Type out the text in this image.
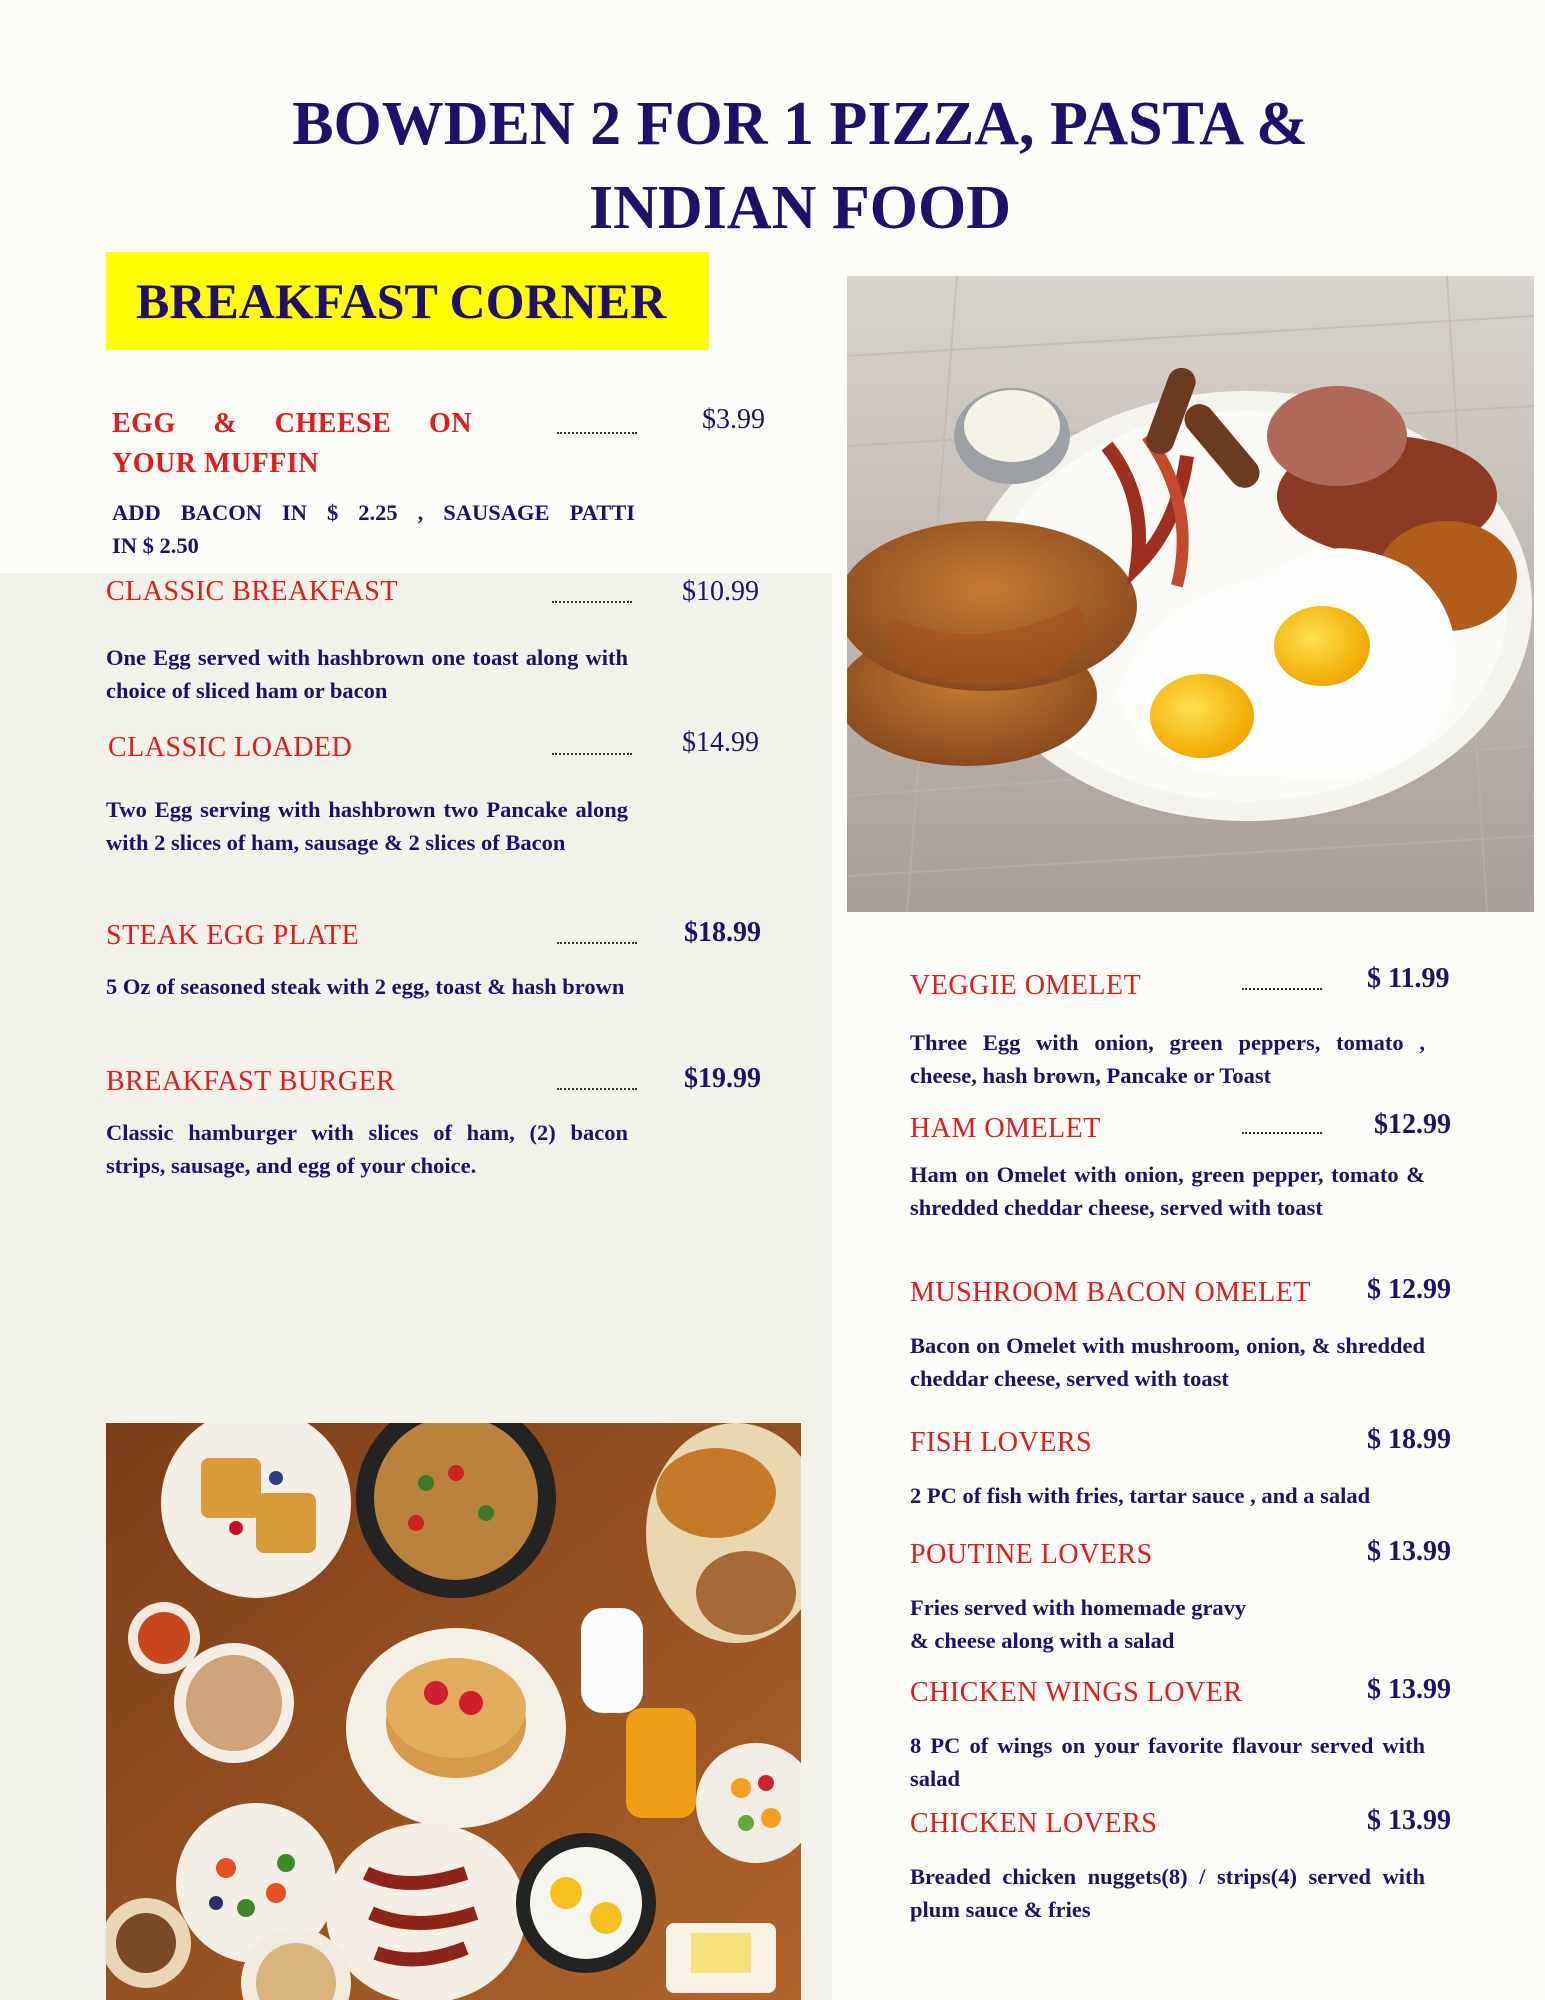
BOWDEN 2 FOR 1 PIZZA, PASTA &
INDIAN FOOD
BREAKFAST CORNER
EGG & CHEESE ON
YOUR MUFFIN
$3.99
ADD BACON IN $ 2.25 , SAUSAGE PATTI
IN $ 2.50
CLASSIC BREAKFAST	$10.99
One Egg served with hashbrown one toast along with choice of sliced ham or bacon
CLASSIC LOADED	$14.99
Two Egg serving with hashbrown two Pancake along with 2 slices of ham, sausage & 2 slices of Bacon
STEAK EGG PLATE	$18.99
5 Oz of seasoned steak with 2 egg, toast & hash brown
BREAKFAST BURGER	$19.99
Classic hamburger with slices of ham, (2) bacon strips, sausage, and egg of your choice.
VEGGIE OMELET	$ 11.99
Three Egg with onion, green peppers, tomato , cheese, hash brown, Pancake or Toast
HAM OMELET	$12.99
Ham on Omelet with onion, green pepper, tomato & shredded cheddar cheese, served with toast
MUSHROOM BACON OMELET $ 12.99
Bacon on Omelet with mushroom, onion, & shredded cheddar cheese, served with toast
FISH LOVERS	$ 18.99
2 PC of fish with fries, tartar sauce , and a salad
POUTINE LOVERS	$ 13.99
Fries served with homemade gravy
& cheese along with a salad
CHICKEN WINGS LOVER	$ 13.99
8 PC of wings on your favorite flavour served with salad
CHICKEN LOVERS	$ 13.99
Breaded chicken nuggets(8) / strips(4) served with plum sauce & fries
